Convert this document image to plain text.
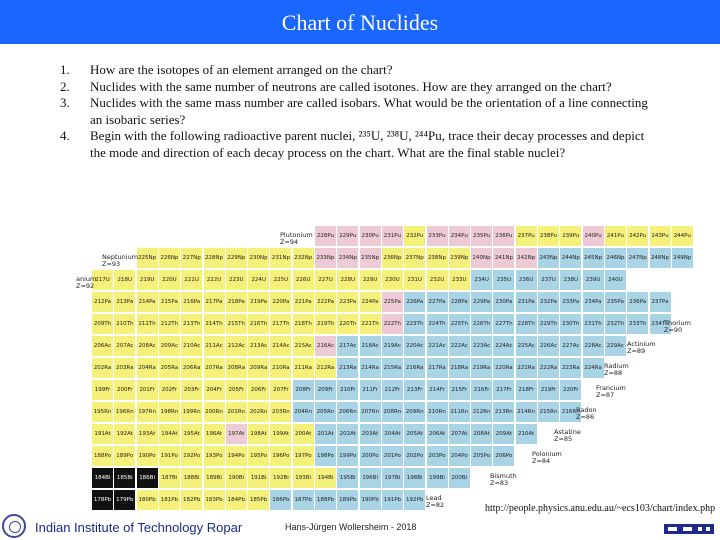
Chart of Nuclides
1. How are the isotopes of an element arranged on the chart?
2. Nuclides with the same number of neutrons are called isotones. How are they arranged on the chart?
3. Nuclides with the same mass number are called isobars. What would be the orientation of a line connecting an isobaric series?
4. Begin with the following radioactive parent nuclei, ²³⁵U, ²³⁸U, ²⁴⁴Pu, trace their decay processes and depict the mode and direction of each decay process on the chart. What are the final stable nuclei?
228Pu 229Pu 230Pu 231Pu 232Pu 233Pu 234Pu 235Pu 236Pu 237Pu 238Pu 239Pu 240Pu 241Pu 242Pu 243Pu 244Pu
225Np 226Np 227Np 228Np 229Np 230Np 231Np 232Np 233Np 234Np 235Np 236Np 237Np 238Np 239Np 240Np 241Np 242Np 243Np 244Np 245Np 246Np 247Np 248Np 249Np
217U	218U	219U	220U	221U	222U	223U	224U	225U	226U	227U	228U	229U	230U	231U	232U	233U	234U	235U	236U	237U	238U	239U	240U
212Pa 213Pa 214Pa 215Pa 216Pa 217Pa 218Pa 219Pa 220Pa 221Pa 222Pa 223Pa 224Pa 225Pa 226Pa 227Pa 228Pa 229Pa 230Pa 231Pa 232Pa 233Pa 234Pa 235Pa 236Pa 237Pa
209Th 210Th 211Th 212Th 213Th 214Th 215Th 216Th 217Th 218Th 219Th 220Th 221Th 222Th 223Th 224Th 225Th 226Th 227Th 228Th 229Th 230Th 231Th 232Th 233Th 234Th
206Ac 207Ac 208Ac 209Ac 210Ac 211Ac 212Ac 213Ac 214Ac 215Ac 216Ac 217Ac 218Ac 219Ac 220Ac 221Ac 222Ac 223Ac 224Ac 225Ac 226Ac 227Ac 228Ac 229Ac
202Ra 203Ra 204Ra 205Ra 206Ra 207Ra 208Ra 209Ra 210Ra 211Ra 212Ra 213Ra 214Ra 215Ra 216Ra 217Ra 218Ra 219Ra 220Ra 221Ra 222Ra 223Ra 224Ra
199Fr	200Fr	201Fr	202Fr	203Fr	204Fr	205Fr	206Fr	207Fr	208Fr	209Fr	210Fr	211Fr	212Fr	213Fr	214Fr	215Fr	216Fr	217Fr	218Fr	219Fr	220Fr
195Rn 196Rn 197Rn 198Rn 199Rn 200Rn 201Rn 202Rn 203Rn 204Rn 205Rn 206Rn 207Rn 208Rn 209Rn 210Rn 211Rn 212Rn 213Rn 214Rn 215Rn 216Rn
191At	192At	193At	194At	195At	196At	197At	198At	199At	200At	201At	202At	203At	204At	205At	206At	207At	208At	209At	210At
188Po 189Po 190Po 191Po 192Po 193Po 194Po 195Po 196Po 197Po 198Po 199Po 200Po 201Po 202Po 203Po 204Po 205Po 206Po
184Bi	185Bi	186Bi	187Bi	188Bi	189Bi	190Bi	191Bi	192Bi	193Bi	194Bi	195Bi	196Bi	197Bi	198Bi	199Bi	200Bi
178Pb 179Pb 180Pb 181Pb 182Pb 183Pb 184Pb 185Pb 186Pb 187Pb 188Pb 189Pb 190Pb 191Pb 192Pb
Plutonium
Z=94
Neptunium
Z=93
anium
Z=92
Thorium
Z=90
Actinium
Z=89
Radium
Z=88
Francium
Z=87
Radon
Z=86
Astatine
Z=85
Polonium
Z=84
Bismuth
Z=83
Lead
Z=82	http://people.physics.anu.edu.au/~ecs103/chart/index.php
Indian Institute of Technology Ropar	Hans-Jürgen Wollersheim - 2018
